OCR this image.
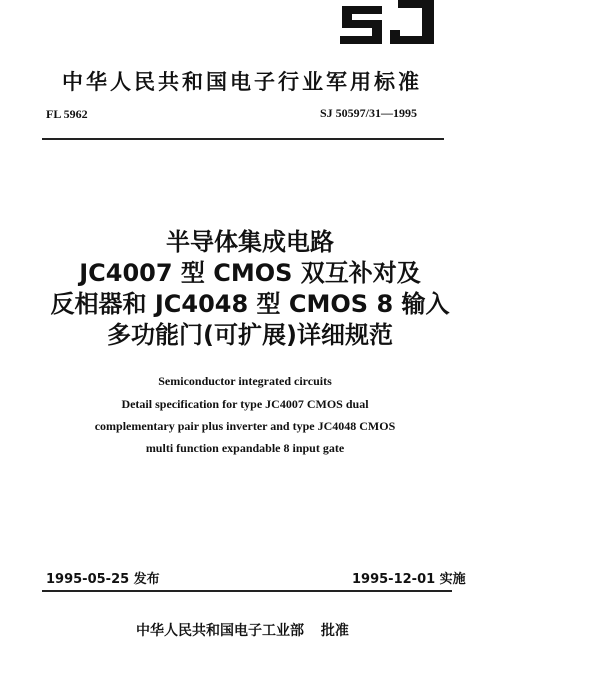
中华人民共和国电子行业军用标准
FL 5962	SJ 50597/31—1995
半导体集成电路
JC4007 型 CMOS 双互补对及
反相器和 JC4048 型 CMOS 8 输入
多功能门(可扩展)详细规范
Semiconductor integrated circuits
Detail specification for type JC4007 CMOS dual
complementary pair plus inverter and type JC4048 CMOS
multi function expandable 8 input gate
1995-05-25 发布	1995-12-01 实施
中华人民共和国电子工业部 批准
